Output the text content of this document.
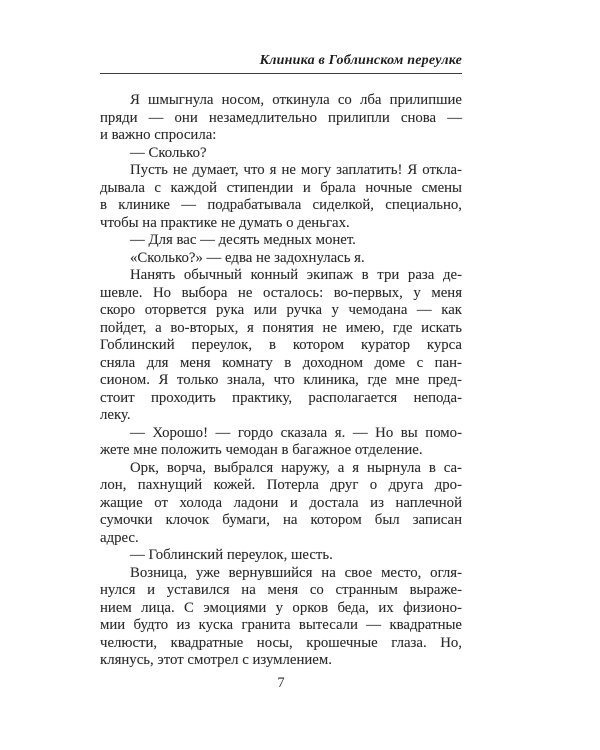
Клиника в Гоблинском переулке
Я шмыгнула носом, откинула со лба прилипшие
пряди — они незамедлительно прилипли снова —
и важно спросила:
— Сколько?
Пусть не думает, что я не могу заплатить! Я откла-
дывала с каждой стипендии и брала ночные смены
в клинике — подрабатывала сиделкой, специально,
чтобы на практике не думать о деньгах.
— Для вас — десять медных монет.
«Сколько?» — едва не задохнулась я.
Нанять обычный конный экипаж в три раза де-
шевле. Но выбора не осталось: во-первых, у меня
скоро оторвется рука или ручка у чемодана — как
пойдет, а во-вторых, я понятия не имею, где искать
Гоблинский переулок, в котором куратор курса
сняла для меня комнату в доходном доме с пан-
сионом. Я только знала, что клиника, где мне пред-
стоит проходить практику, располагается непода-
леку.
— Хорошо! — гордо сказала я. — Но вы помо-
жете мне положить чемодан в багажное отделение.
Орк, ворча, выбрался наружу, а я нырнула в са-
лон, пахнущий кожей. Потерла друг о друга дро-
жащие от холода ладони и достала из наплечной
сумочки клочок бумаги, на котором был записан
адрес.
— Гоблинский переулок, шесть.
Возница, уже вернувшийся на свое место, огля-
нулся и уставился на меня со странным выраже-
нием лица. С эмоциями у орков беда, их физионо-
мии будто из куска гранита вытесали — квадратные
челюсти, квадратные носы, крошечные глаза. Но,
клянусь, этот смотрел с изумлением.
7
